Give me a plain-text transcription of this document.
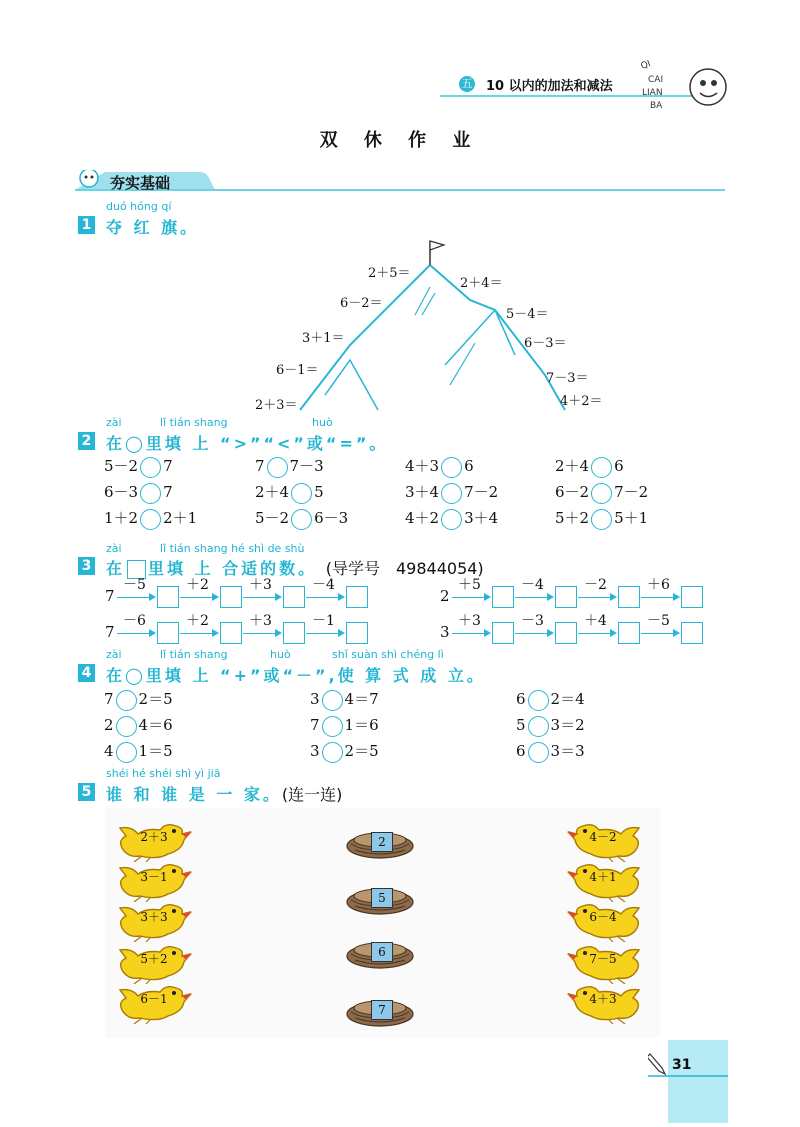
五 10 以内的加法和减法
QI
CAI
LIAN
BA
双 休 作 业
夯实基础
duó hóng qí
1 夺 红 旗。
2＋5＝
2＋4＝
6－2＝
5－4＝
3＋1＝	6－3＝
6－1＝
7－3＝
2＋3＝	4＋2＝
zài	lǐ tián shang	huò
2 在◯里填 上 “>”“<”或“=”。
5－2 7	7 7－3	4＋3 6	2＋4 6
6－3 7	2＋4 5	3＋4 7－2	6－2 7－2
1＋2 2＋1	5－2 6－3	4＋2 3＋4	5＋2 5＋1
zài	lǐ tián shang hé shì de shù
3 在 里填 上 合适的数。 (导学号　49844054)
7
－5	＋2	＋3	－4
2
＋5	－4	－2	＋6
7
－6	＋2	＋3	－1
3
＋3	－3	＋4	－5
zài	lǐ tián shang	huò	shǐ suàn shì chéng lì
4 在◯里填 上 “+”或“－”,使 算 式 成 立。
7 2＝5	3 4＝7	6 2＝4
2 4＝6	7 1＝6	5 3＝2
4 1＝5	3 2＝5	6 3＝3
shéi hé shéi shì yì jiā
5 谁 和 谁 是 一 家。(连一连)
2＋3
3－1
3＋3
5＋2
6－1
4－2
4＋1
6－4
7－5
4＋3
2
5
6
7
31
